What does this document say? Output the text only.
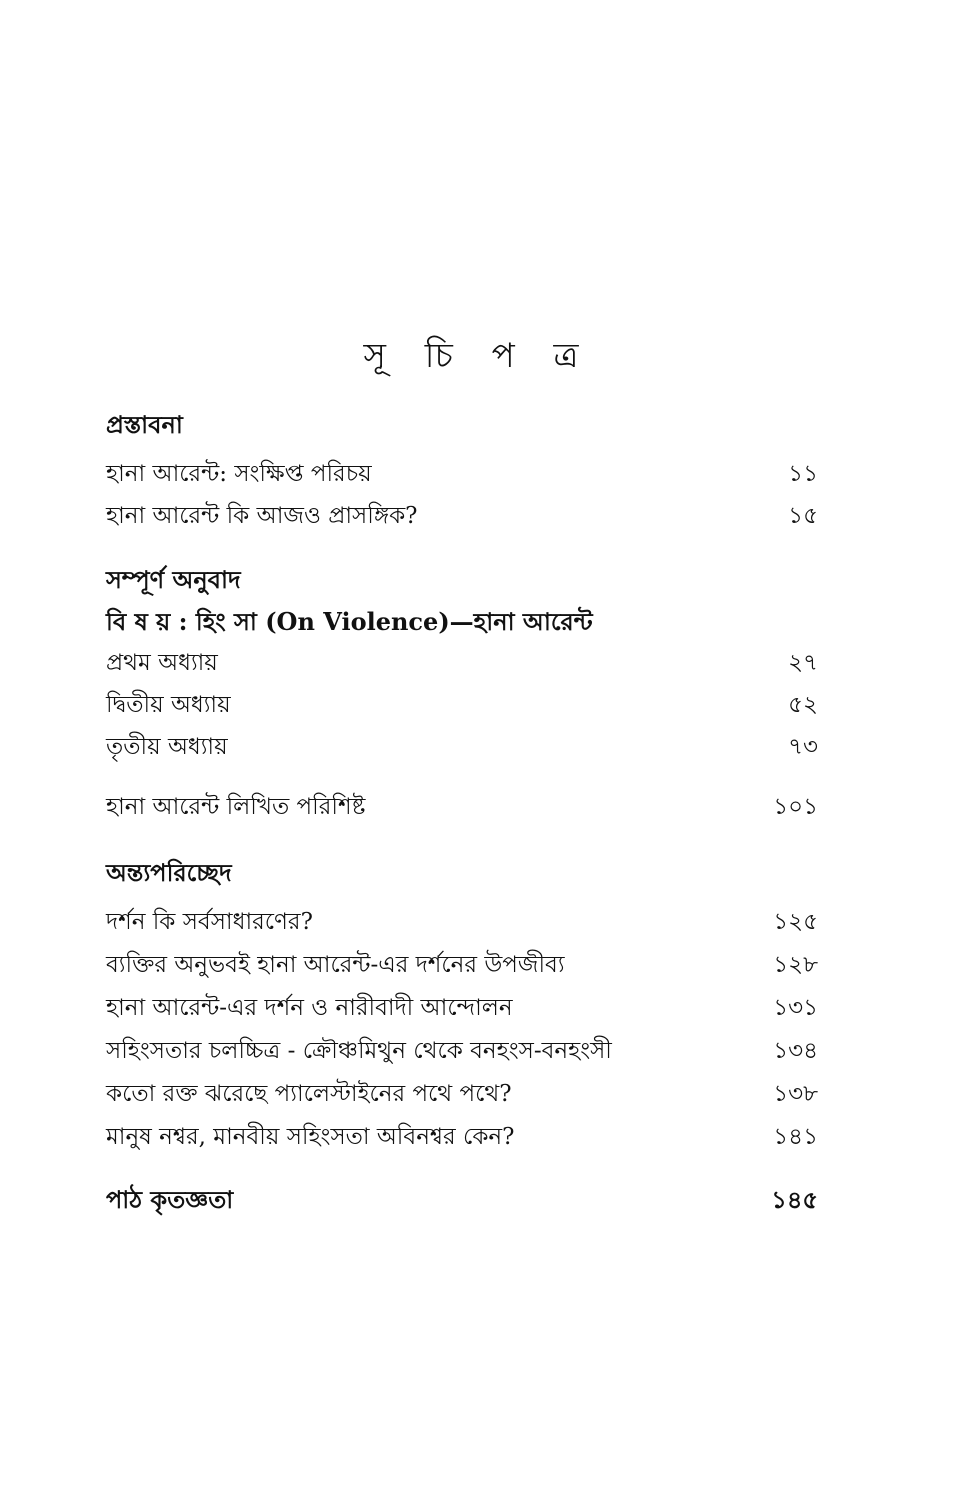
সূ চি প ত্র
প্রস্তাবনা
হানা আরেন্ট: সংক্ষিপ্ত পরিচয়	১১
হানা আরেন্ট কি আজও প্রাসঙ্গিক?	১৫
সম্পূর্ণ অনুবাদ
বি ষ য় : হিং সা (On Violence)—হানা আরেন্ট
প্রথম অধ্যায়	২৭
দ্বিতীয় অধ্যায়	৫২
তৃতীয় অধ্যায়	৭৩
হানা আরেন্ট লিখিত পরিশিষ্ট	১০১
অন্ত্যপরিচ্ছেদ
দর্শন কি সর্বসাধারণের?	১২৫
ব্যক্তির অনুভবই হানা আরেন্ট-এর দর্শনের উপজীব্য	১২৮
হানা আরেন্ট-এর দর্শন ও নারীবাদী আন্দোলন	১৩১
সহিংসতার চলচ্চিত্র - ক্রৌঞ্চমিথুন থেকে বনহংস-বনহংসী	১৩৪
কতো রক্ত ঝরেছে প্যালেস্টাইনের পথে পথে?	১৩৮
মানুষ নশ্বর, মানবীয় সহিংসতা অবিনশ্বর কেন?	১৪১
পাঠ কৃতজ্ঞতা	১৪৫
